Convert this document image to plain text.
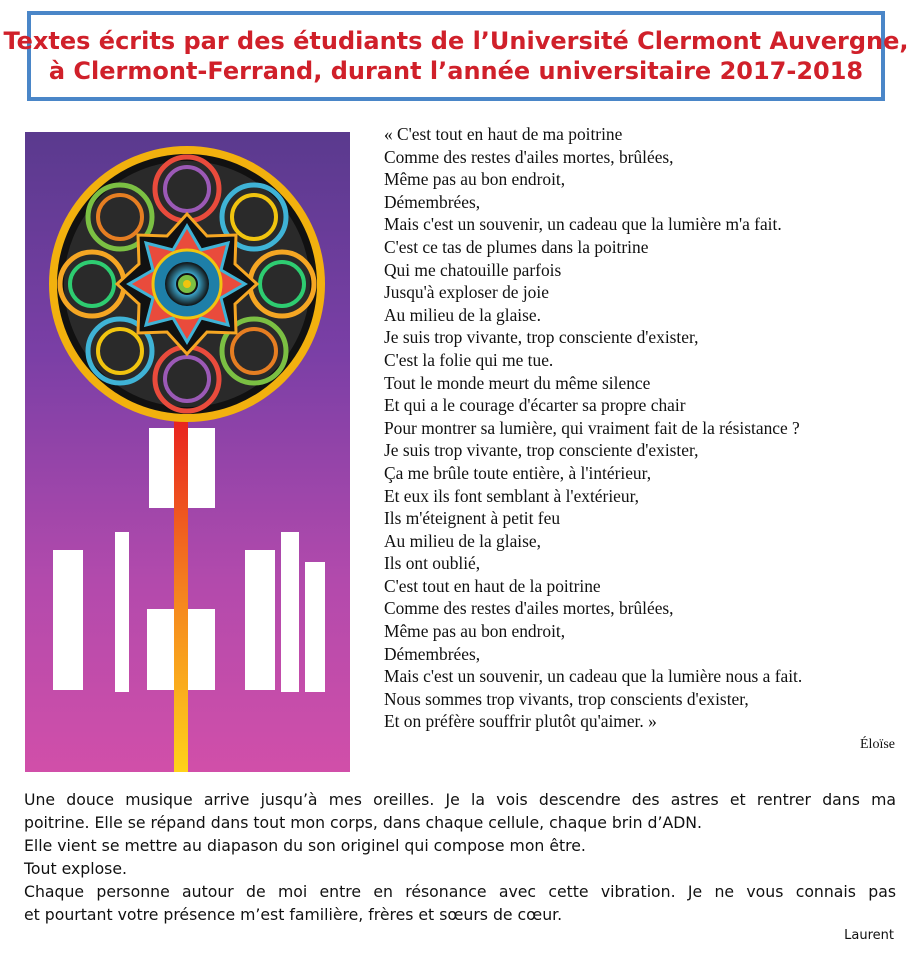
Textes écrits par des étudiants de l’Université Clermont Auvergne,
à Clermont-Ferrand, durant l’année universitaire 2017-2018
« C'est tout en haut de ma poitrine
Comme des restes d'ailes mortes, brûlées,
Même pas au bon endroit,
Démembrées,
Mais c'est un souvenir, un cadeau que la lumière m'a fait.
C'est ce tas de plumes dans la poitrine
Qui me chatouille parfois
Jusqu'à exploser de joie
Au milieu de la glaise.
Je suis trop vivante, trop consciente d'exister,
C'est la folie qui me tue.
Tout le monde meurt du même silence
Et qui a le courage d'écarter sa propre chair
Pour montrer sa lumière, qui vraiment fait de la résistance ?
Je suis trop vivante, trop consciente d'exister,
Ça me brûle toute entière, à l'intérieur,
Et eux ils font semblant à l'extérieur,
Ils m'éteignent à petit feu
Au milieu de la glaise,
Ils ont oublié,
C'est tout en haut de la poitrine
Comme des restes d'ailes mortes, brûlées,
Même pas au bon endroit,
Démembrées,
Mais c'est un souvenir, un cadeau que la lumière nous a fait.
Nous sommes trop vivants, trop conscients d'exister,
Et on préfère souffrir plutôt qu'aimer. »
Éloïse
Une douce musique arrive jusqu’à mes oreilles. Je la vois descendre des astres et rentrer dans ma
poitrine. Elle se répand dans tout mon corps, dans chaque cellule, chaque brin d’ADN.
Elle vient se mettre au diapason du son originel qui compose mon être.
Tout explose.
Chaque personne autour de moi entre en résonance avec cette vibration. Je ne vous connais pas
et pourtant votre présence m’est familière, frères et sœurs de cœur.
Laurent
